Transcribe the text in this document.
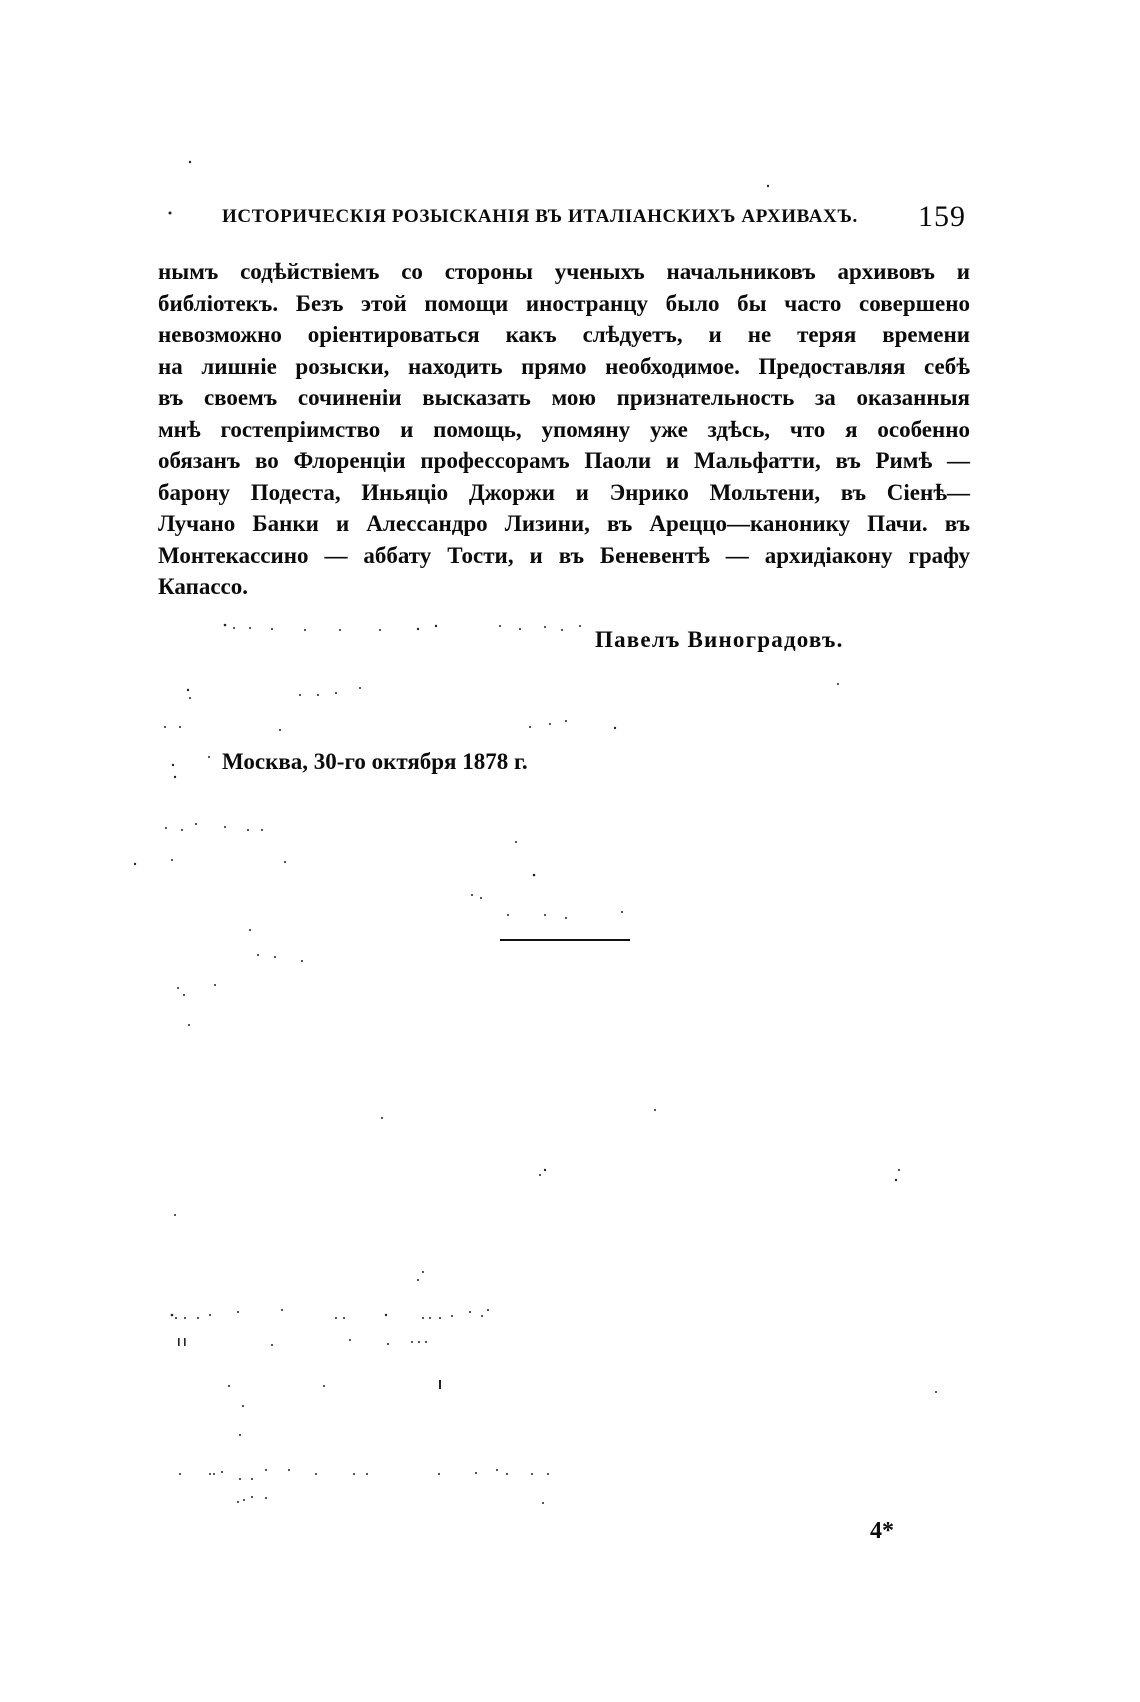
ИСТОРИЧЕСКІЯ РОЗЫСКАНІЯ ВЪ ИТАЛІАНСКИХЪ АРХИВАХЪ. 159
нымъ содѣйствіемъ со стороны ученыхъ начальниковъ архивовъ и
библіотекъ. Безъ этой помощи иностранцу было бы часто совершено
невозможно оріентироваться какъ слѣдуетъ, и не теряя времени
на лишніе розыски, находить прямо необходимое. Предоставляя себѣ
въ своемъ сочиненіи высказать мою признательность за оказанныя
мнѣ гостепріимство и помощь, упомяну уже здѣсь, что я особенно
обязанъ во Флоренціи профессорамъ Паоли и Мальфатти, въ Римѣ —
барону Подеста, Иньяціо Джоржи и Энрико Мольтени, въ Сіенѣ—
Лучано Банки и Алессандро Лизини, въ Ареццо—канонику Пачи. въ
Монтекассино — аббату Тости, и въ Беневентѣ — архидіакону графу
Капассо.
Павелъ Виноградовъ.
Москва, 30-го октября 1878 г.
4*
